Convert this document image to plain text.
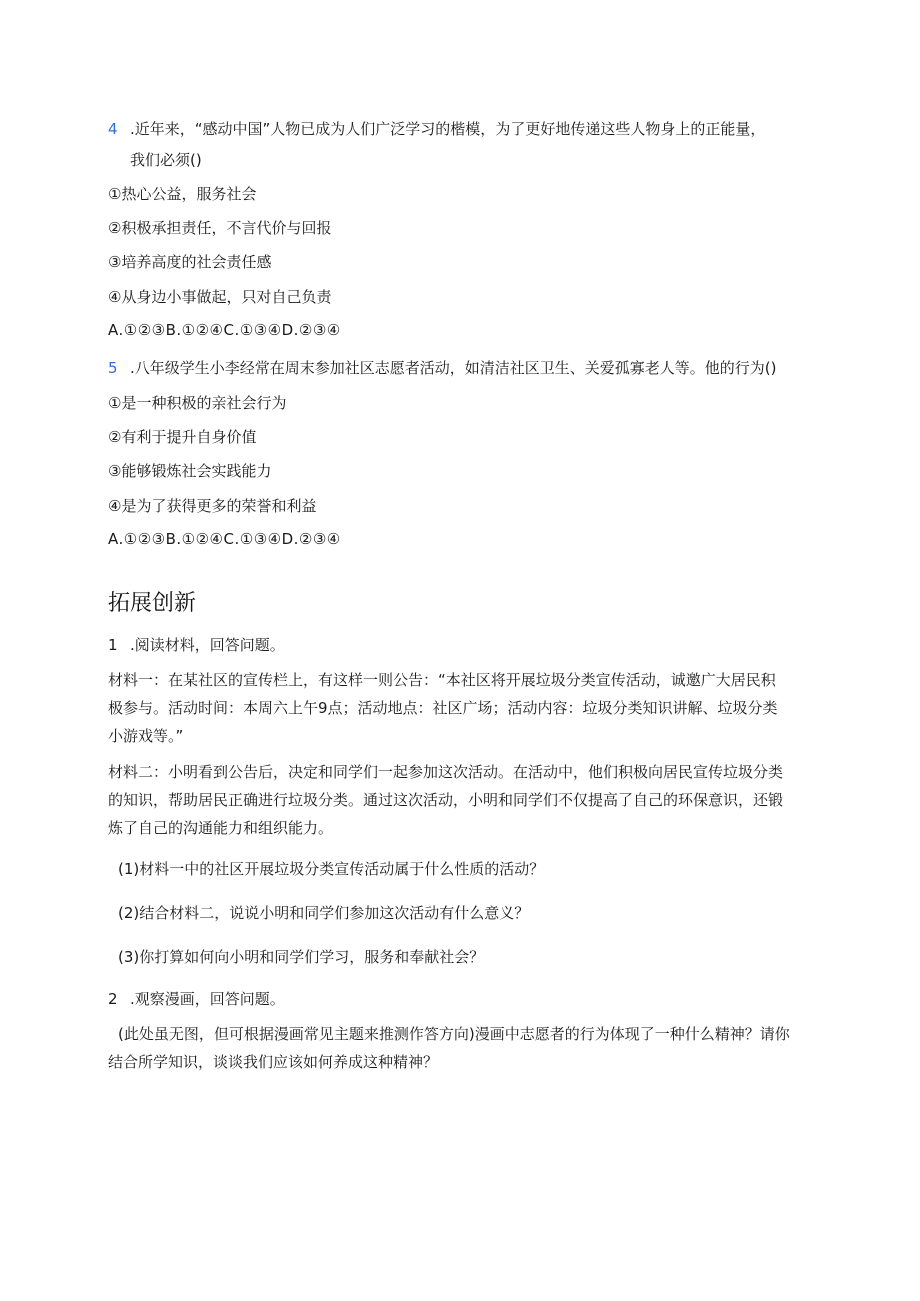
4 .近年来，“感动中国”人物已成为人们广泛学习的楷模，为了更好地传递这些人物身上的正能量，
我们必须()
①热心公益，服务社会
②积极承担责任，不言代价与回报
③培养高度的社会责任感
④从身边小事做起，只对自己负责
A.①②③B.①②④C.①③④D.②③④
5 .八年级学生小李经常在周末参加社区志愿者活动，如清洁社区卫生、关爱孤寡老人等。他的行为()
①是一种积极的亲社会行为
②有利于提升自身价值
③能够锻炼社会实践能力
④是为了获得更多的荣誉和利益
A.①②③B.①②④C.①③④D.②③④
拓展创新
1 .阅读材料，回答问题。
材料一：在某社区的宣传栏上，有这样一则公告：“本社区将开展垃圾分类宣传活动，诚邀广大居民积
极参与。活动时间：本周六上午9点；活动地点：社区广场；活动内容：垃圾分类知识讲解、垃圾分类
小游戏等。”
材料二：小明看到公告后，决定和同学们一起参加这次活动。在活动中，他们积极向居民宣传垃圾分类
的知识，帮助居民正确进行垃圾分类。通过这次活动，小明和同学们不仅提高了自己的环保意识，还锻
炼了自己的沟通能力和组织能力。
(1)材料一中的社区开展垃圾分类宣传活动属于什么性质的活动？
(2)结合材料二，说说小明和同学们参加这次活动有什么意义？
(3)你打算如何向小明和同学们学习，服务和奉献社会？
2 .观察漫画，回答问题。
(此处虽无图，但可根据漫画常见主题来推测作答方向)漫画中志愿者的行为体现了一种什么精神？请你
结合所学知识，谈谈我们应该如何养成这种精神？
